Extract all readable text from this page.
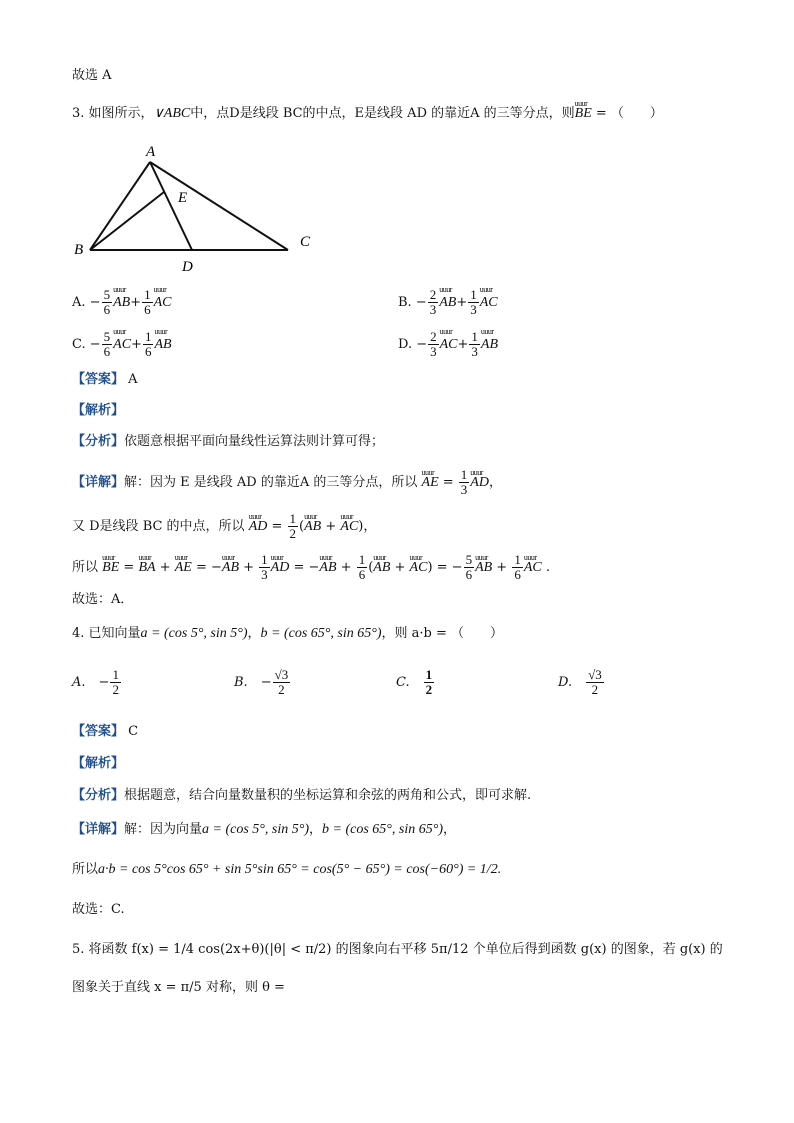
故选 A
3. 如图所示，∨ABC中，点D是线段 BC的中点，E是线段 AD 的靠近A 的三等分点，则uuur BE = （　　）
A
B	C
D
E
A. − $\frac{5}{6}$ uuur $AB+ \frac{1}{6}$ uuur AC	B. − $\frac{2}{3}$ uuur $AB+ \frac{1}{3}$ uuur AC
C. − $\frac{5}{6}$ uuur $AC+ \frac{1}{6}$ uuur AB	D. − $\frac{2}{3}$ uuur $AC+ \frac{1}{3}$ uuur AB
【答案】 A
【解析】
【分析】依题意根据平面向量线性运算法则计算可得；
【详解】解：因为 E 是线段 AD 的靠近A 的三等分点，所以 uuur AE = $\frac{1}{3}$ uuur AD，
又 D是线段 BC 的中点，所以 uuur AD = $\frac{1}{2}$ (uuur AB + uuur AC)，
所以 uuur BE = uuur BA + uuur AE = −uuur AB + $\frac{1}{3}$ uuur AD = −uuur AB + $\frac{1}{6}$ (uuur AB + uuur AC) = − $\frac{5}{6}$ uuur AB + $\frac{1}{6}$ uuur AC .
故选：A．
4. 已知向量a = (cos 5°, sin 5°)，b = (cos 65°, sin 65°)，则 a·b = （　　）
A.　− $\frac{1}{2}$	B.　− $\frac{√3}{2}$	C.　 $\frac{1}{2}$	D.　 $\frac{√3}{2}$
【答案】 C
【解析】
【分析】根据题意，结合向量数量积的坐标运算和余弦的两角和公式，即可求解.
【详解】解：因为向量a = (cos 5°, sin 5°)，b = (cos 65°, sin 65°)，
所以a·b = cos 5°cos 65° + sin 5°sin 65° = cos(5° − 65°) = cos(−60°) = 1/2.
故选：C.
5. 将函数 f(x) = 1/4 cos(2x+θ)(|θ| < π/2) 的图象向右平移 5π/12 个单位后得到函数 g(x) 的图象，若 g(x) 的
图象关于直线 x = π/5 对称，则 θ =
